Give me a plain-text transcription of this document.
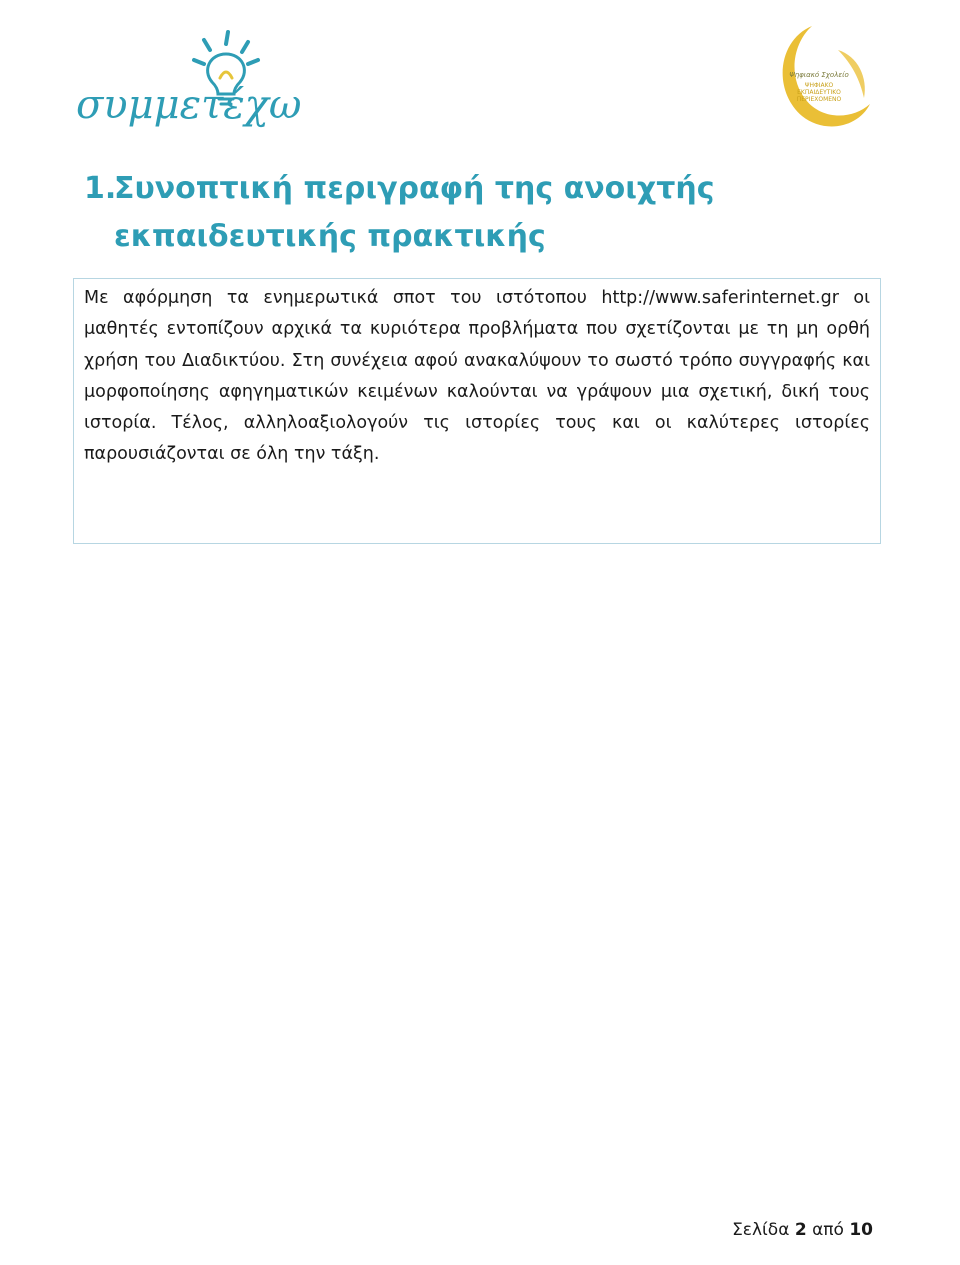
συμμετέχω
Ψηφιακό Σχολείο
ΨΗΦΙΑΚΟ
ΕΚΠΑΙΔΕΥΤΙΚΟ
ΠΕΡΙΕΧΟΜΕΝΟ
1.Συνοπτική περιγραφή της ανοιχτής
εκπαιδευτικής πρακτικής

Με αφόρμηση τα ενημερωτικά σποτ του ιστότοπου http://www.saferinternet.gr οι μαθητές εντοπίζουν αρχικά τα κυριότερα προβλήματα που σχετίζονται με τη μη ορθή χρήση του Διαδικτύου. Στη συνέχεια αφού ανακαλύψουν το σωστό τρόπο συγγραφής και μορφοποίησης αφηγηματικών κειμένων καλούνται να γράψουν μια σχετική, δική τους ιστορία. Τέλος, αλληλοαξιολογούν τις ιστορίες τους και οι καλύτερες ιστορίες παρουσιάζονται σε όλη την τάξη.

Σελίδα 2 από 10
